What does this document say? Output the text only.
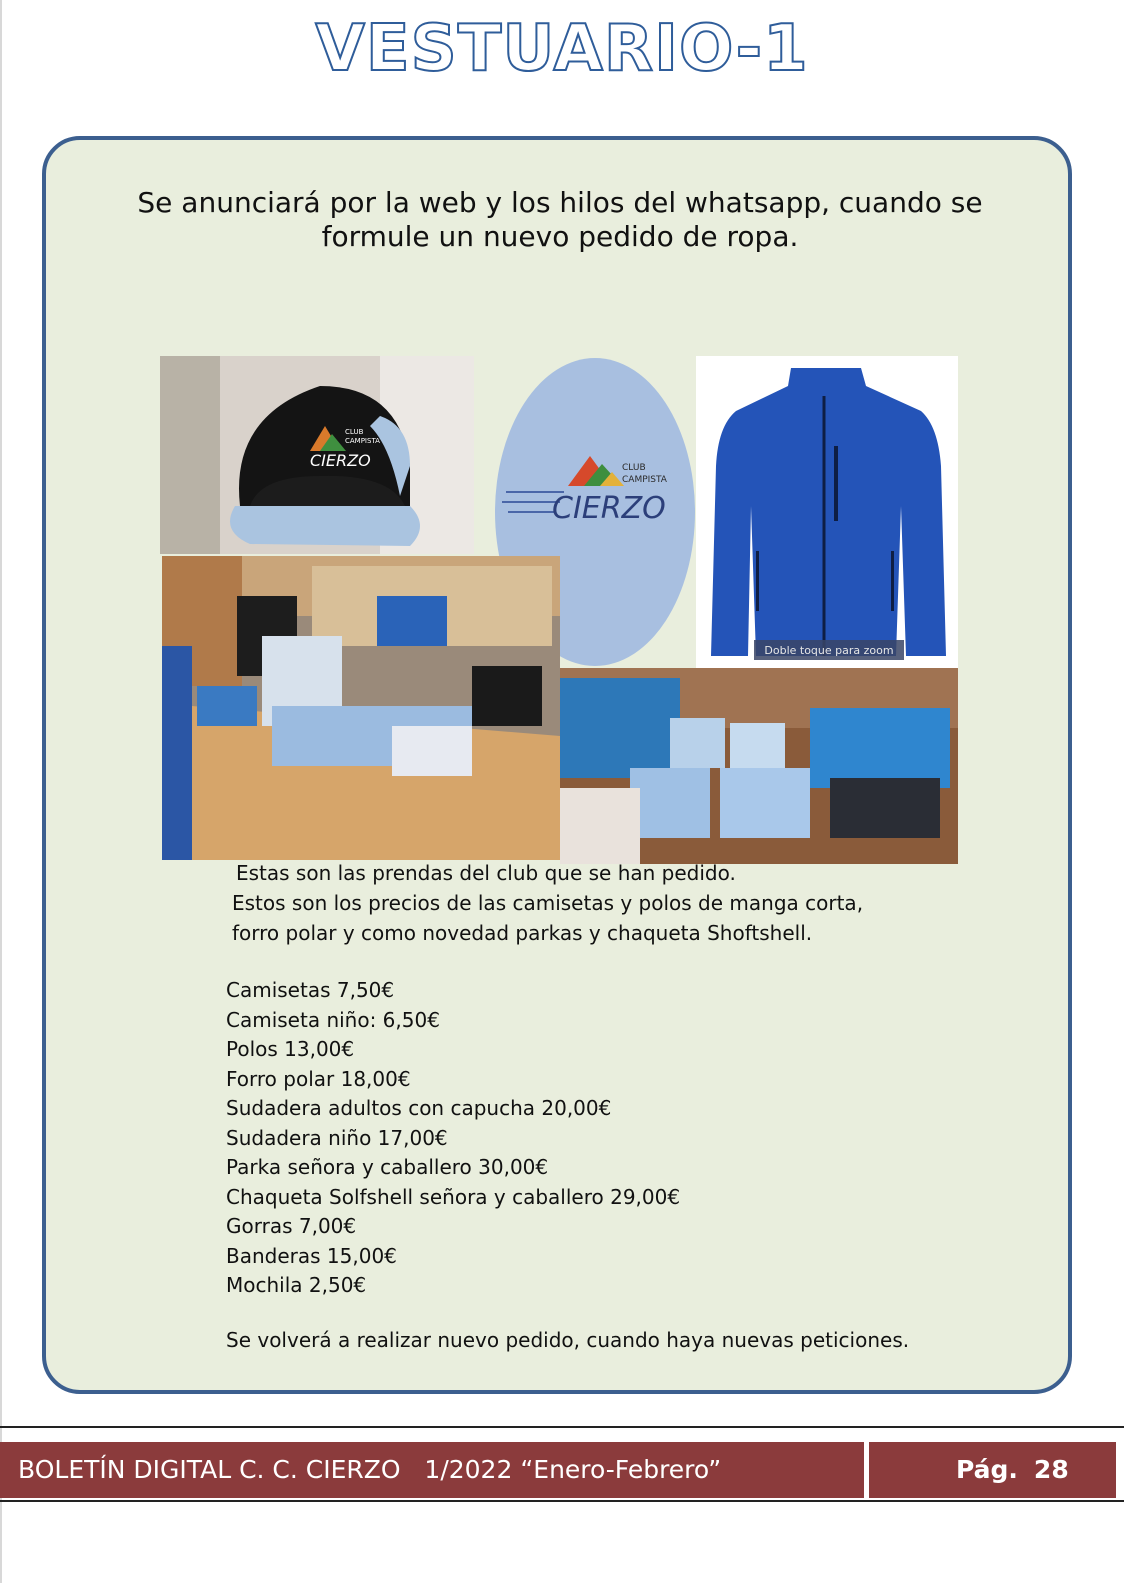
VESTUARIO-1
Se anunciará por la web y los hilos del whatsapp, cuando se formule un nuevo pedido de ropa.
CLUB
CAMPISTA
CIERZO	CLUB
CAMPISTA
CIERZO
Doble toque para zoom
Estas son las prendas del club que se han pedido.
Estos son los precios de las camisetas y polos de manga corta,
forro polar y como novedad parkas y chaqueta Shoftshell.
Camisetas 7,50€
Camiseta niño: 6,50€
Polos 13,00€
Forro polar 18,00€
Sudadera adultos con capucha 20,00€
Sudadera niño 17,00€
Parka señora y caballero 30,00€
Chaqueta Solfshell señora y caballero 29,00€
Gorras 7,00€
Banderas 15,00€
Mochila 2,50€
Se volverá a realizar nuevo pedido, cuando haya nuevas peticiones.
BOLETÍN DIGITAL C. C. CIERZO   1/2022 “Enero-Febrero”	Pág. 28
